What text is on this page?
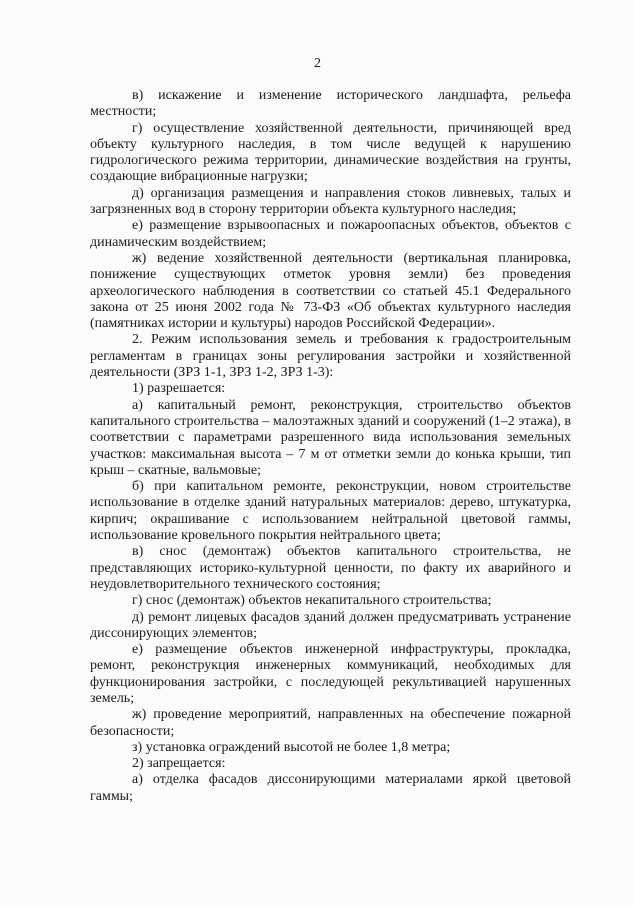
2

в) искажение и изменение исторического ландшафта, рельефа местности;

г) осуществление хозяйственной деятельности, причиняющей вред объекту культурного наследия, в том числе ведущей к нарушению гидрологического режима территории, динамические воздействия на грунты, создающие вибрационные нагрузки;

д) организация размещения и направления стоков ливневых, талых и загрязненных вод в сторону территории объекта культурного наследия;

е) размещение взрывоопасных и пожароопасных объектов, объектов с динамическим воздействием;

ж) ведение хозяйственной деятельности (вертикальная планировка, понижение существующих отметок уровня земли) без проведения археологического наблюдения в соответствии со статьей 45.1 Федерального закона от 25 июня 2002 года № 73-ФЗ «Об объектах культурного наследия (памятниках истории и культуры) народов Российской Федерации».

2. Режим использования земель и требования к градостроительным регламентам в границах зоны регулирования застройки и хозяйственной деятельности (ЗРЗ 1-1, ЗРЗ 1-2, ЗРЗ 1-3):

1) разрешается:

а) капитальный ремонт, реконструкция, строительство объектов капитального строительства – малоэтажных зданий и сооружений (1–2 этажа), в соответствии с параметрами разрешенного вида использования земельных участков: максимальная высота – 7 м от отметки земли до конька крыши, тип крыш – скатные, вальмовые;

б) при капитальном ремонте, реконструкции, новом строительстве использование в отделке зданий натуральных материалов: дерево, штукатурка, кирпич; окрашивание с использованием нейтральной цветовой гаммы, использование кровельного покрытия нейтрального цвета;

в) снос (демонтаж) объектов капитального строительства, не представляющих историко-культурной ценности, по факту их аварийного и неудовлетворительного технического состояния;

г) снос (демонтаж) объектов некапитального строительства;

д) ремонт лицевых фасадов зданий должен предусматривать устранение диссонирующих элементов;

е) размещение объектов инженерной инфраструктуры, прокладка, ремонт, реконструкция инженерных коммуникаций, необходимых для функционирования застройки, с последующей рекультивацией нарушенных земель;

ж) проведение мероприятий, направленных на обеспечение пожарной безопасности;

з) установка ограждений высотой не более 1,8 метра;

2) запрещается:

а) отделка фасадов диссонирующими материалами яркой цветовой гаммы;
